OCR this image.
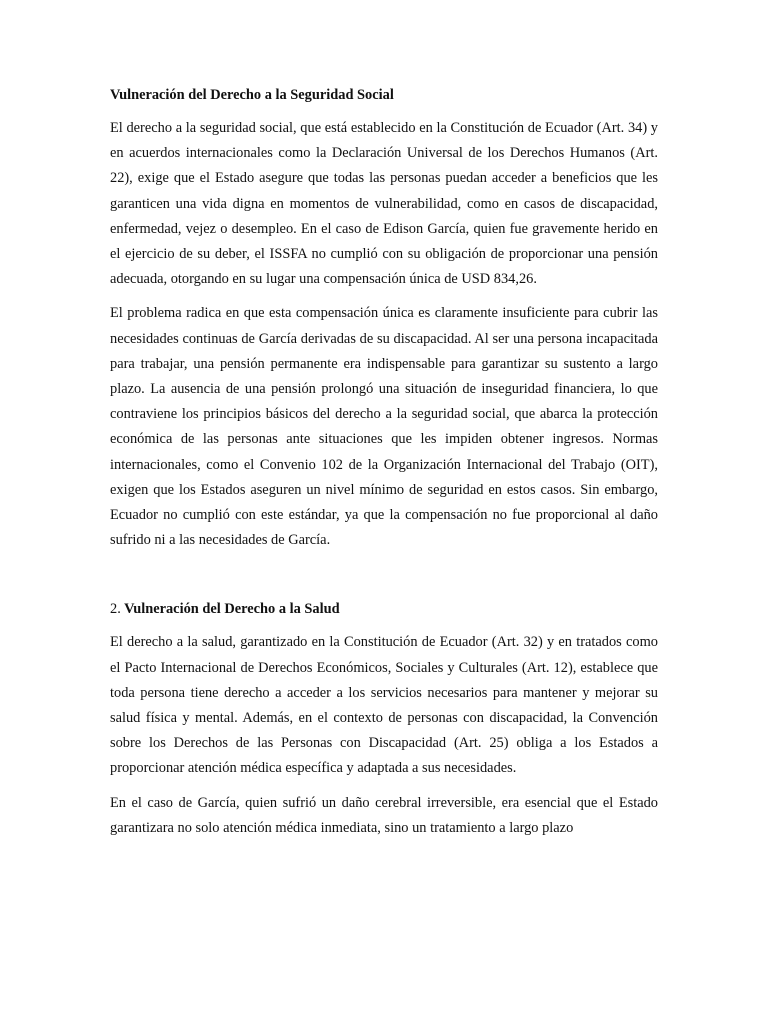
Vulneración del Derecho a la Seguridad Social

El derecho a la seguridad social, que está establecido en la Constitución de Ecuador (Art. 34) y en acuerdos internacionales como la Declaración Universal de los Derechos Humanos (Art. 22), exige que el Estado asegure que todas las personas puedan acceder a beneficios que les garanticen una vida digna en momentos de vulnerabilidad, como en casos de discapacidad, enfermedad, vejez o desempleo. En el caso de Edison García, quien fue gravemente herido en el ejercicio de su deber, el ISSFA no cumplió con su obligación de proporcionar una pensión adecuada, otorgando en su lugar una compensación única de USD 834,26.

El problema radica en que esta compensación única es claramente insuficiente para cubrir las necesidades continuas de García derivadas de su discapacidad. Al ser una persona incapacitada para trabajar, una pensión permanente era indispensable para garantizar su sustento a largo plazo. La ausencia de una pensión prolongó una situación de inseguridad financiera, lo que contraviene los principios básicos del derecho a la seguridad social, que abarca la protección económica de las personas ante situaciones que les impiden obtener ingresos. Normas internacionales, como el Convenio 102 de la Organización Internacional del Trabajo (OIT), exigen que los Estados aseguren un nivel mínimo de seguridad en estos casos. Sin embargo, Ecuador no cumplió con este estándar, ya que la compensación no fue proporcional al daño sufrido ni a las necesidades de García.

2. Vulneración del Derecho a la Salud

El derecho a la salud, garantizado en la Constitución de Ecuador (Art. 32) y en tratados como el Pacto Internacional de Derechos Económicos, Sociales y Culturales (Art. 12), establece que toda persona tiene derecho a acceder a los servicios necesarios para mantener y mejorar su salud física y mental. Además, en el contexto de personas con discapacidad, la Convención sobre los Derechos de las Personas con Discapacidad (Art. 25) obliga a los Estados a proporcionar atención médica específica y adaptada a sus necesidades.

En el caso de García, quien sufrió un daño cerebral irreversible, era esencial que el Estado garantizara no solo atención médica inmediata, sino un tratamiento a largo plazo
